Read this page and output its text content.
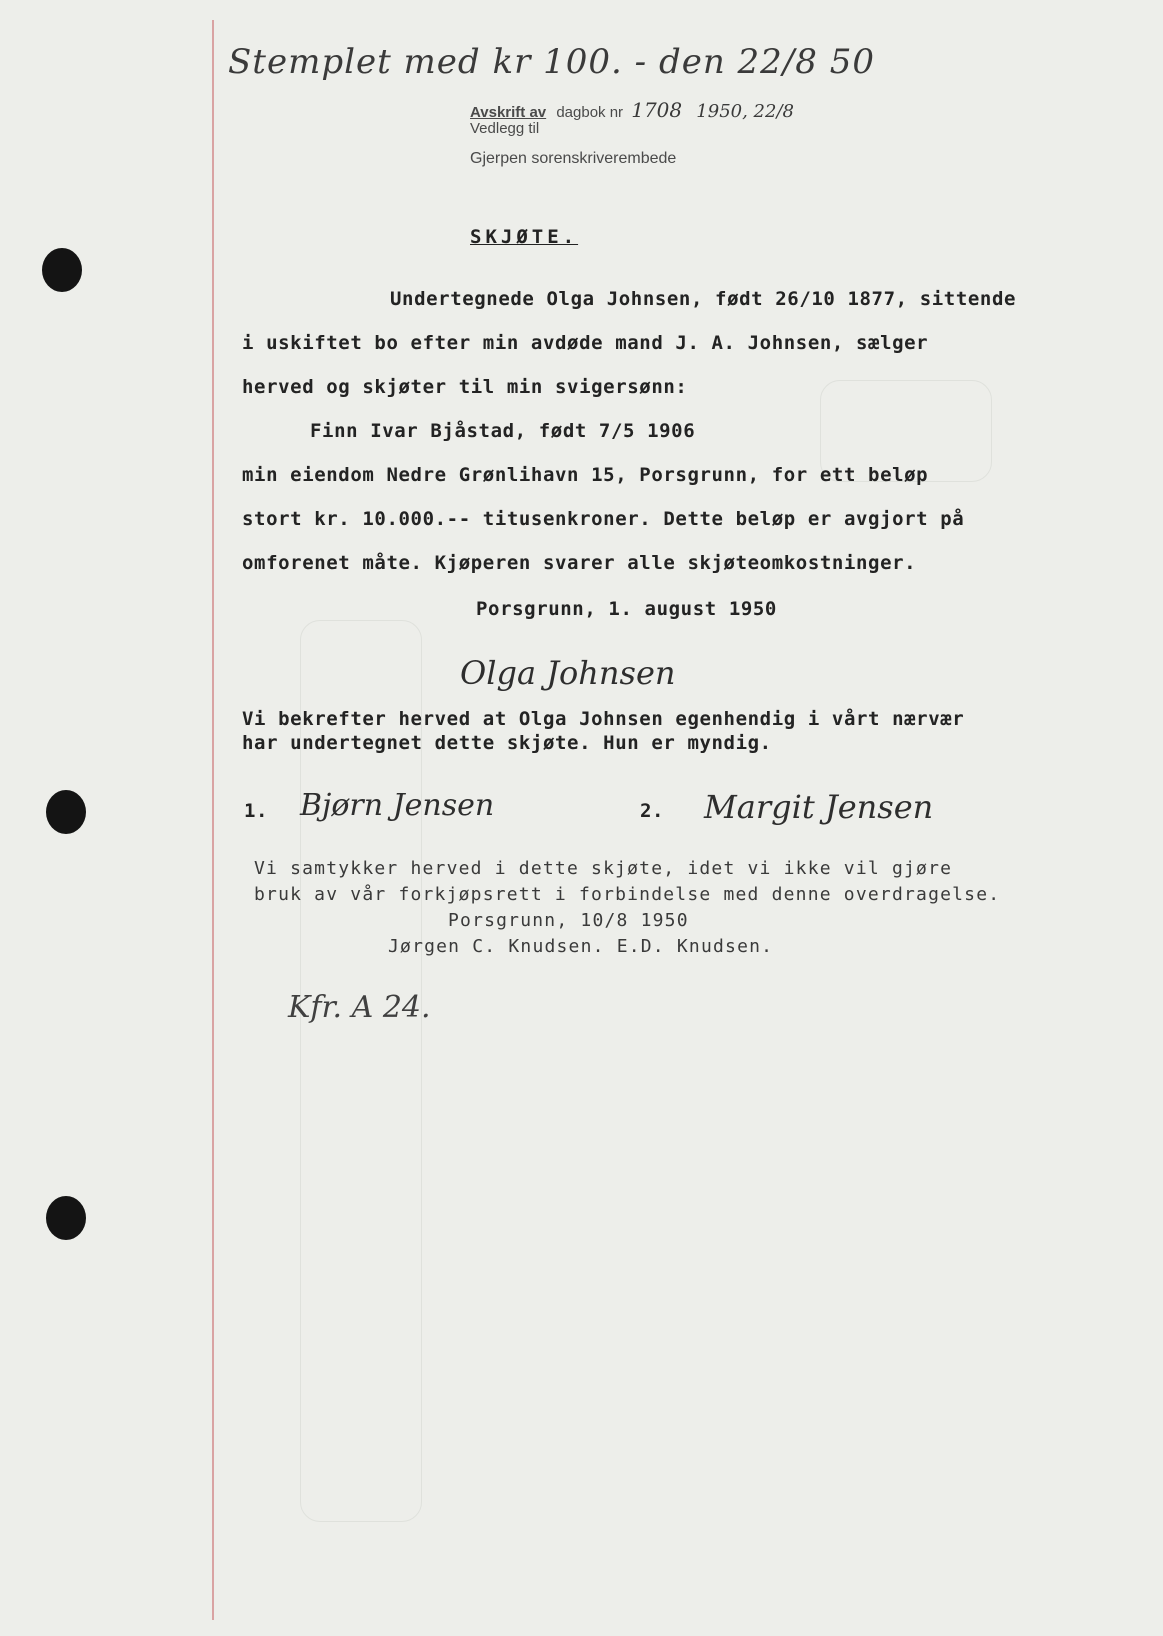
Stemplet med kr 100. - den 22/8 50
Avskrift av dagbok nr 1708 1950, 22/8
Vedlegg til
Gjerpen sorenskriverembede
SKJØTE.
Undertegnede Olga Johnsen, født 26/10 1877, sittende
i uskiftet bo efter min avdøde mand J. A. Johnsen, sælger
herved og skjøter til min svigersønn:
Finn Ivar Bjåstad, født 7/5 1906
min eiendom Nedre Grønlihavn 15, Porsgrunn, for ett beløp
stort kr. 10.000.-- titusenkroner. Dette beløp er avgjort på
omforenet måte. Kjøperen svarer alle skjøteomkostninger.
Porsgrunn, 1. august 1950
Olga Johnsen
Vi bekrefter herved at Olga Johnsen egenhendig i vårt nærvær
har undertegnet dette skjøte. Hun er myndig.
1. Bjørn Jensen	2. Margit Jensen
Vi samtykker herved i dette skjøte, idet vi ikke vil gjøre
bruk av vår forkjøpsrett i forbindelse med denne overdragelse.
Porsgrunn, 10/8 1950
Jørgen C. Knudsen. E.D. Knudsen.
Kfr. A 24.
